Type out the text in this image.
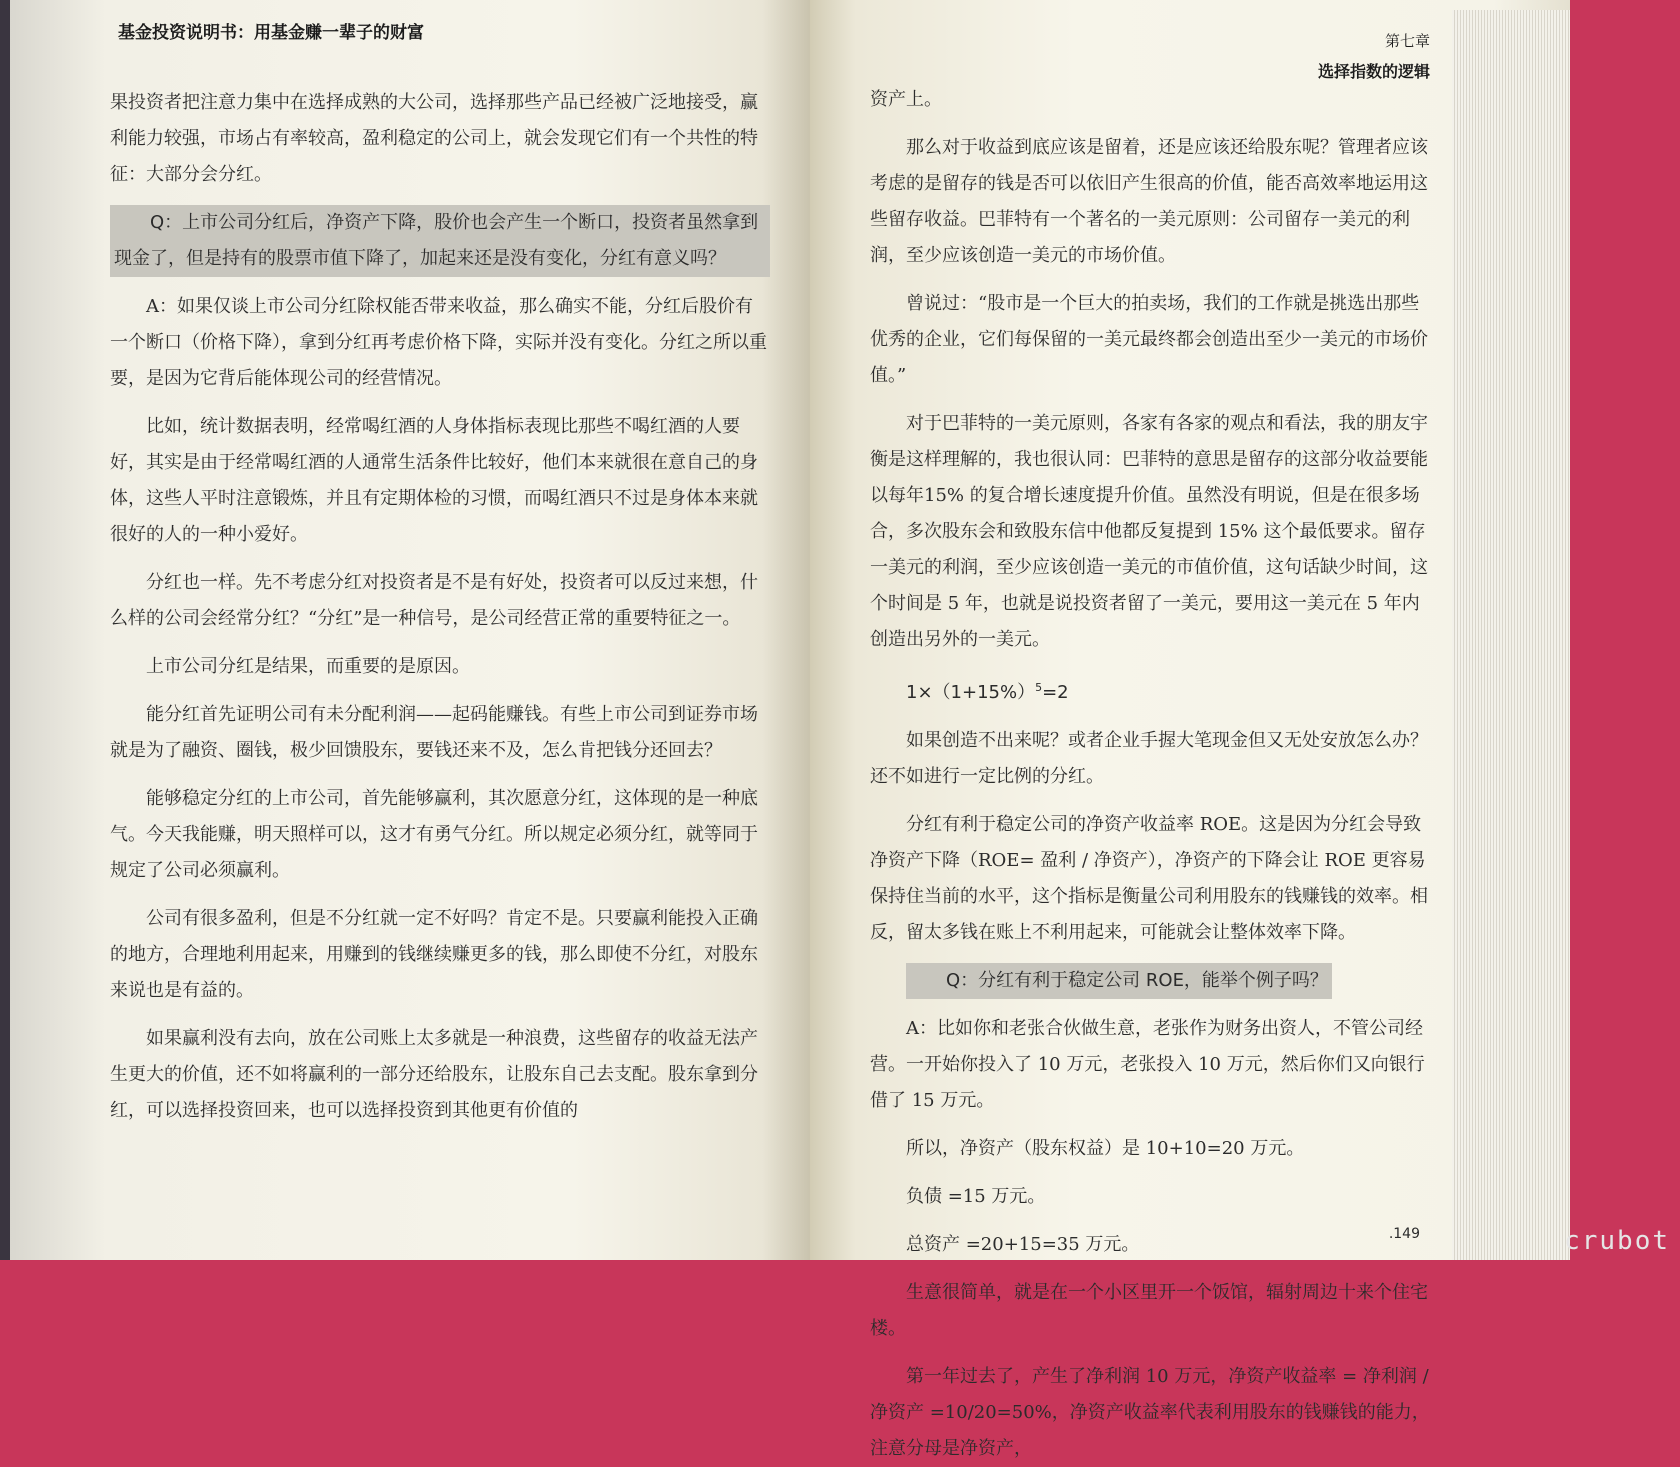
基金投资说明书：用基金赚一辈子的财富

果投资者把注意力集中在选择成熟的大公司，选择那些产品已经被广泛地接受，赢利能力较强，市场占有率较高，盈利稳定的公司上，就会发现它们有一个共性的特征：大部分会分红。

Q：上市公司分红后，净资产下降，股价也会产生一个断口，投资者虽然拿到现金了，但是持有的股票市值下降了，加起来还是没有变化，分红有意义吗？

A：如果仅谈上市公司分红除权能否带来收益，那么确实不能，分红后股价有一个断口（价格下降），拿到分红再考虑价格下降，实际并没有变化。分红之所以重要，是因为它背后能体现公司的经营情况。

比如，统计数据表明，经常喝红酒的人身体指标表现比那些不喝红酒的人要好，其实是由于经常喝红酒的人通常生活条件比较好，他们本来就很在意自己的身体，这些人平时注意锻炼，并且有定期体检的习惯，而喝红酒只不过是身体本来就很好的人的一种小爱好。

分红也一样。先不考虑分红对投资者是不是有好处，投资者可以反过来想，什么样的公司会经常分红？“分红”是一种信号，是公司经营正常的重要特征之一。

上市公司分红是结果，而重要的是原因。

能分红首先证明公司有未分配利润——起码能赚钱。有些上市公司到证券市场就是为了融资、圈钱，极少回馈股东，要钱还来不及，怎么肯把钱分还回去？

能够稳定分红的上市公司，首先能够赢利，其次愿意分红，这体现的是一种底气。今天我能赚，明天照样可以，这才有勇气分红。所以规定必须分红，就等同于规定了公司必须赢利。

公司有很多盈利，但是不分红就一定不好吗？肯定不是。只要赢利能投入正确的地方，合理地利用起来，用赚到的钱继续赚更多的钱，那么即使不分红，对股东来说也是有益的。

如果赢利没有去向，放在公司账上太多就是一种浪费，这些留存的收益无法产生更大的价值，还不如将赢利的一部分还给股东，让股东自己去支配。股东拿到分红，可以选择投资回来，也可以选择投资到其他更有价值的

第七章
选择指数的逻辑

资产上。

那么对于收益到底应该是留着，还是应该还给股东呢？管理者应该考虑的是留存的钱是否可以依旧产生很高的价值，能否高效率地运用这些留存收益。巴菲特有一个著名的一美元原则：公司留存一美元的利润，至少应该创造一美元的市场价值。

曾说过：“股市是一个巨大的拍卖场，我们的工作就是挑选出那些优秀的企业，它们每保留的一美元最终都会创造出至少一美元的市场价值。”

对于巴菲特的一美元原则，各家有各家的观点和看法，我的朋友宇衡是这样理解的，我也很认同：巴菲特的意思是留存的这部分收益要能以每年15% 的复合增长速度提升价值。虽然没有明说，但是在很多场合，多次股东会和致股东信中他都反复提到 15% 这个最低要求。留存一美元的利润，至少应该创造一美元的市值价值，这句话缺少时间，这个时间是 5 年，也就是说投资者留了一美元，要用这一美元在 5 年内创造出另外的一美元。

$1\times(1+15\%)^5=2$

如果创造不出来呢？或者企业手握大笔现金但又无处安放怎么办？还不如进行一定比例的分红。

分红有利于稳定公司的净资产收益率 ROE。这是因为分红会导致净资产下降（ROE= 盈利 / 净资产），净资产的下降会让 ROE 更容易保持住当前的水平，这个指标是衡量公司利用股东的钱赚钱的效率。相反，留太多钱在账上不利用起来，可能就会让整体效率下降。

Q：分红有利于稳定公司 ROE，能举个例子吗？

A：比如你和老张合伙做生意，老张作为财务出资人，不管公司经营。一开始你投入了 10 万元，老张投入 10 万元，然后你们又向银行借了 15 万元。

所以，净资产（股东权益）是 10+10=20 万元。

负债 =15 万元。

总资产 =20+15=35 万元。

生意很简单，就是在一个小区里开一个饭馆，辐射周边十来个住宅楼。

第一年过去了，产生了净利润 10 万元，净资产收益率 = 净利润 / 净资产 =10/20=50%，净资产收益率代表利用股东的钱赚钱的能力，注意分母是净资产，

.149	crubot
